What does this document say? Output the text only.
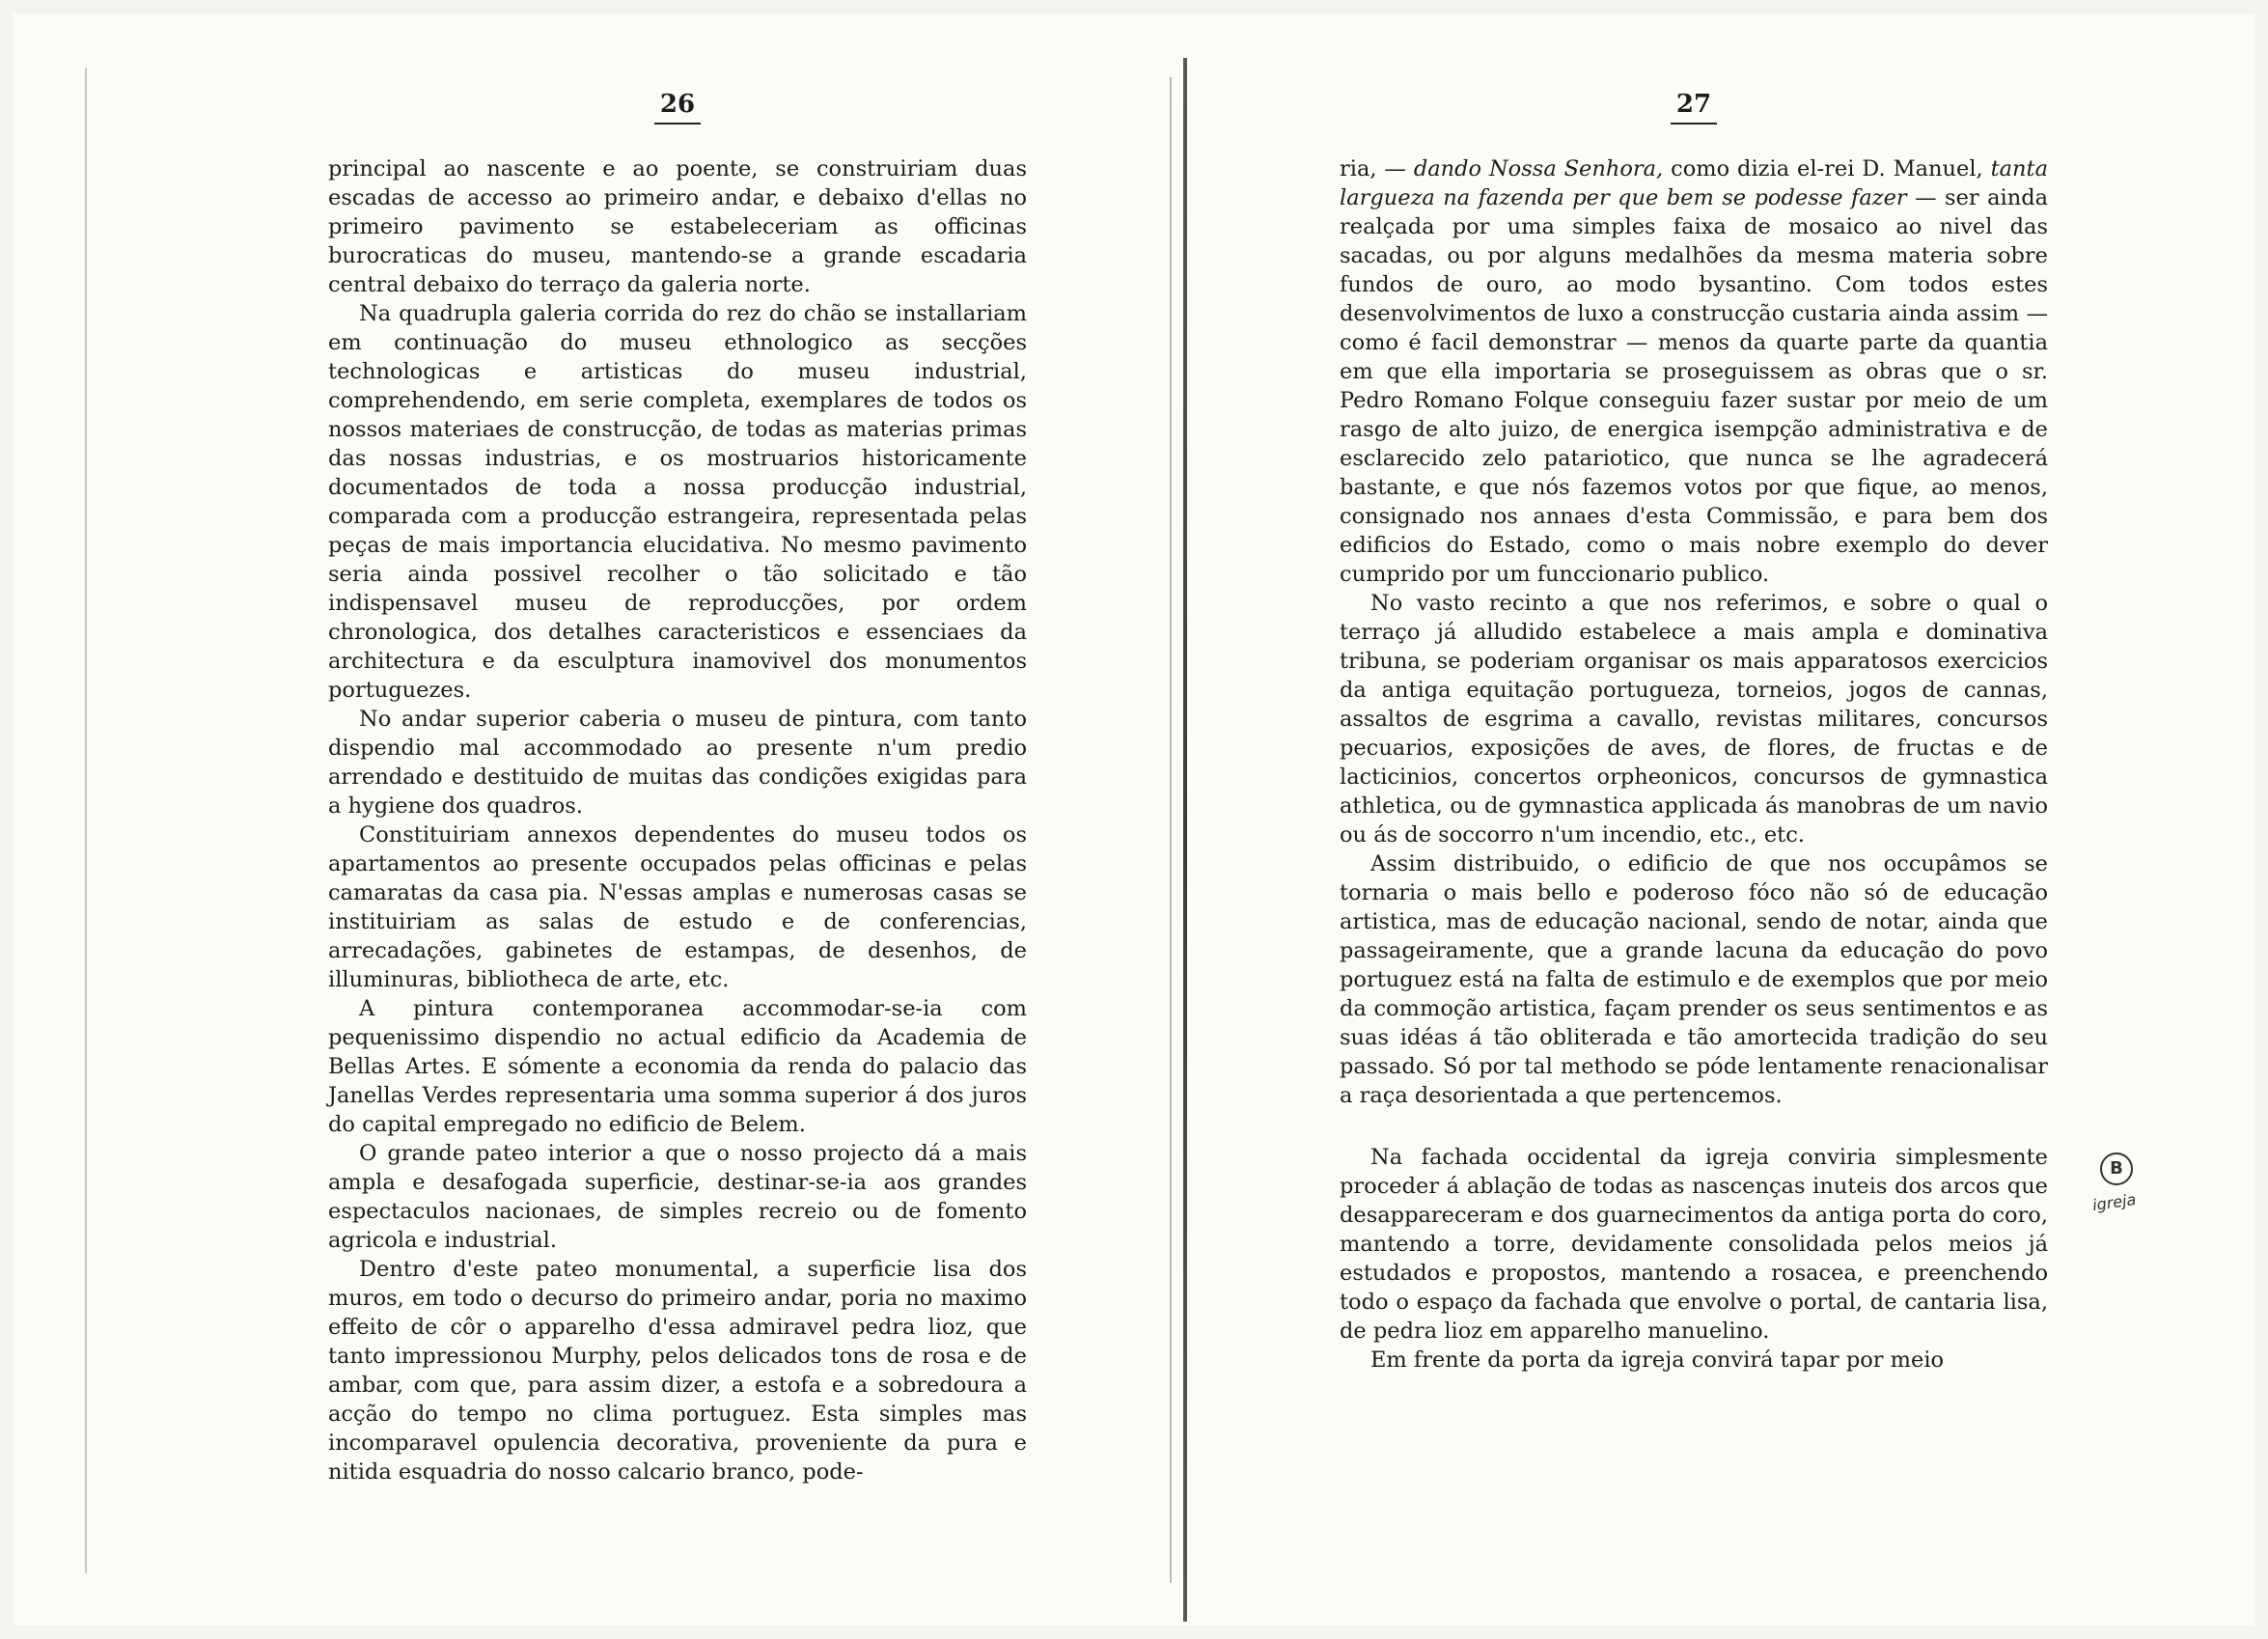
26

principal ao nascente e ao poente, se construiriam duas escadas de accesso ao primeiro andar, e debaixo d'ellas no primeiro pavimento se estabeleceriam as officinas burocraticas do museu, mantendo-se a grande escadaria central debaixo do terraço da galeria norte.

Na quadrupla galeria corrida do rez do chão se installariam em continuação do museu ethnologico as secções technologicas e artisticas do museu industrial, comprehendendo, em serie completa, exemplares de todos os nossos materiaes de construcção, de todas as materias primas das nossas industrias, e os mostruarios historicamente documentados de toda a nossa producção industrial, comparada com a producção estrangeira, representada pelas peças de mais importancia elucidativa. No mesmo pavimento seria ainda possivel recolher o tão solicitado e tão indispensavel museu de reproducções, por ordem chronologica, dos detalhes caracteristicos e essenciaes da architectura e da esculptura inamovivel dos monumentos portuguezes.

No andar superior caberia o museu de pintura, com tanto dispendio mal accommodado ao presente n'um predio arrendado e destituido de muitas das condições exigidas para a hygiene dos quadros.

Constituiriam annexos dependentes do museu todos os apartamentos ao presente occupados pelas officinas e pelas camaratas da casa pia. N'essas amplas e numerosas casas se instituiriam as salas de estudo e de conferencias, arrecadações, gabinetes de estampas, de desenhos, de illuminuras, bibliotheca de arte, etc.

A pintura contemporanea accommodar-se-ia com pequenissimo dispendio no actual edificio da Academia de Bellas Artes. E sómente a economia da renda do palacio das Janellas Verdes representaria uma somma superior á dos juros do capital empregado no edificio de Belem.

O grande pateo interior a que o nosso projecto dá a mais ampla e desafogada superficie, destinar-se-ia aos grandes espectaculos nacionaes, de simples recreio ou de fomento agricola e industrial.

Dentro d'este pateo monumental, a superficie lisa dos muros, em todo o decurso do primeiro andar, poria no maximo effeito de côr o apparelho d'essa admiravel pedra lioz, que tanto impressionou Murphy, pelos delicados tons de rosa e de ambar, com que, para assim dizer, a estofa e a sobredoura a acção do tempo no clima portuguez. Esta simples mas incomparavel opulencia decorativa, proveniente da pura e nitida esquadria do nosso calcario branco, pode-

27

ria, — dando Nossa Senhora, como dizia el-rei D. Manuel, tanta largueza na fazenda per que bem se podesse fazer — ser ainda realçada por uma simples faixa de mosaico ao nivel das sacadas, ou por alguns medalhões da mesma materia sobre fundos de ouro, ao modo bysantino. Com todos estes desenvolvimentos de luxo a construcção custaria ainda assim — como é facil demonstrar — menos da quarte parte da quantia em que ella importaria se proseguissem as obras que o sr. Pedro Romano Folque conseguiu fazer sustar por meio de um rasgo de alto juizo, de energica isempção administrativa e de esclarecido zelo patariotico, que nunca se lhe agradecerá bastante, e que nós fazemos votos por que fique, ao menos, consignado nos annaes d'esta Commissão, e para bem dos edificios do Estado, como o mais nobre exemplo do dever cumprido por um funccionario publico.

No vasto recinto a que nos referimos, e sobre o qual o terraço já alludido estabelece a mais ampla e dominativa tribuna, se poderiam organisar os mais apparatosos exercicios da antiga equitação portugueza, torneios, jogos de cannas, assaltos de esgrima a cavallo, revistas militares, concursos pecuarios, exposições de aves, de flores, de fructas e de lacticinios, concertos orpheonicos, concursos de gymnastica athletica, ou de gymnastica applicada ás manobras de um navio ou ás de soccorro n'um incendio, etc., etc.

Assim distribuido, o edificio de que nos occupâmos se tornaria o mais bello e poderoso fóco não só de educação artistica, mas de educação nacional, sendo de notar, ainda que passageiramente, que a grande lacuna da educação do povo portuguez está na falta de estimulo e de exemplos que por meio da commoção artistica, façam prender os seus sentimentos e as suas idéas á tão obliterada e tão amortecida tradição do seu passado. Só por tal methodo se póde lentamente renacionalisar a raça desorientada a que pertencemos.

Na fachada occidental da igreja conviria simplesmente proceder á ablação de todas as nascenças inuteis dos arcos que desappareceram e dos guarnecimentos da antiga porta do coro, mantendo a torre, devidamente consolidada pelos meios já estudados e propostos, mantendo a rosacea, e preenchendo todo o espaço da fachada que envolve o portal, de cantaria lisa, de pedra lioz em apparelho manuelino.

Em frente da porta da igreja convirá tapar por meio

B
igreja
